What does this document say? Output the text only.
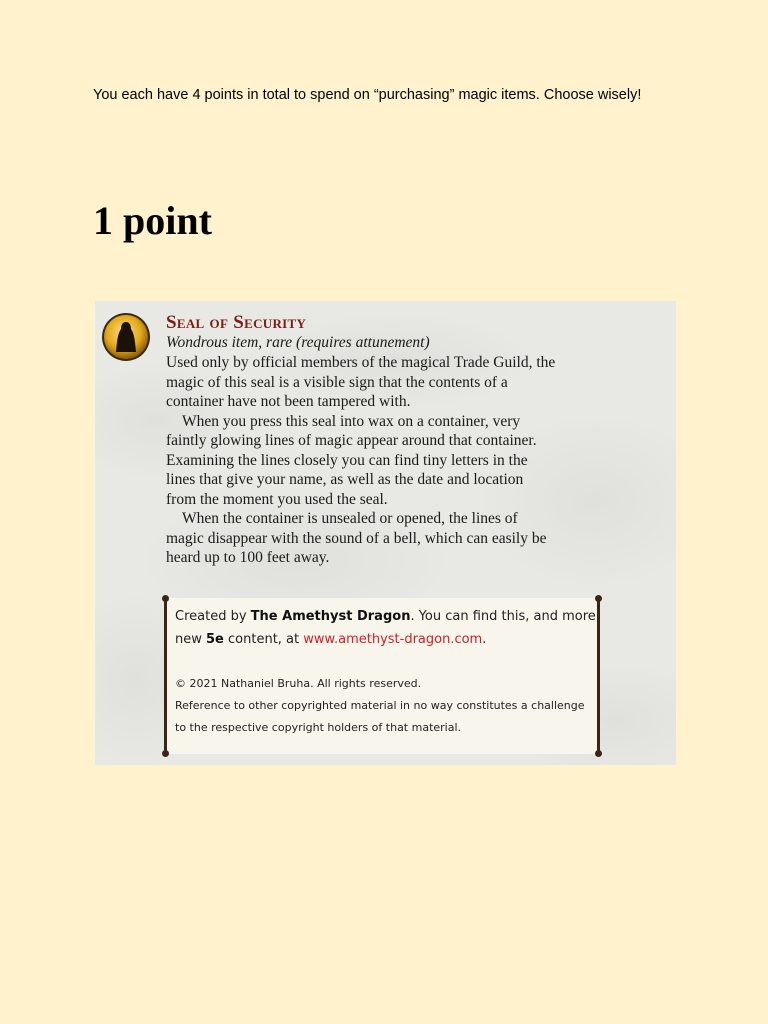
You each have 4 points in total to spend on “purchasing” magic items. Choose wisely!
1 point
Seal of Security
Wondrous item, rare (requires attunement)

Used only by official members of the magical Trade Guild, the

magic of this seal is a visible sign that the contents of a

container have not been tampered with.

When you press this seal into wax on a container, very

faintly glowing lines of magic appear around that container.

Examining the lines closely you can find tiny letters in the

lines that give your name, as well as the date and location

from the moment you used the seal.

When the container is unsealed or opened, the lines of

magic disappear with the sound of a bell, which can easily be

heard up to 100 feet away.

Created by The Amethyst Dragon. You can find this, and more
new 5e content, at www.amethyst-dragon.com.
© 2021 Nathaniel Bruha. All rights reserved.
Reference to other copyrighted material in no way constitutes a challenge
to the respective copyright holders of that material.
